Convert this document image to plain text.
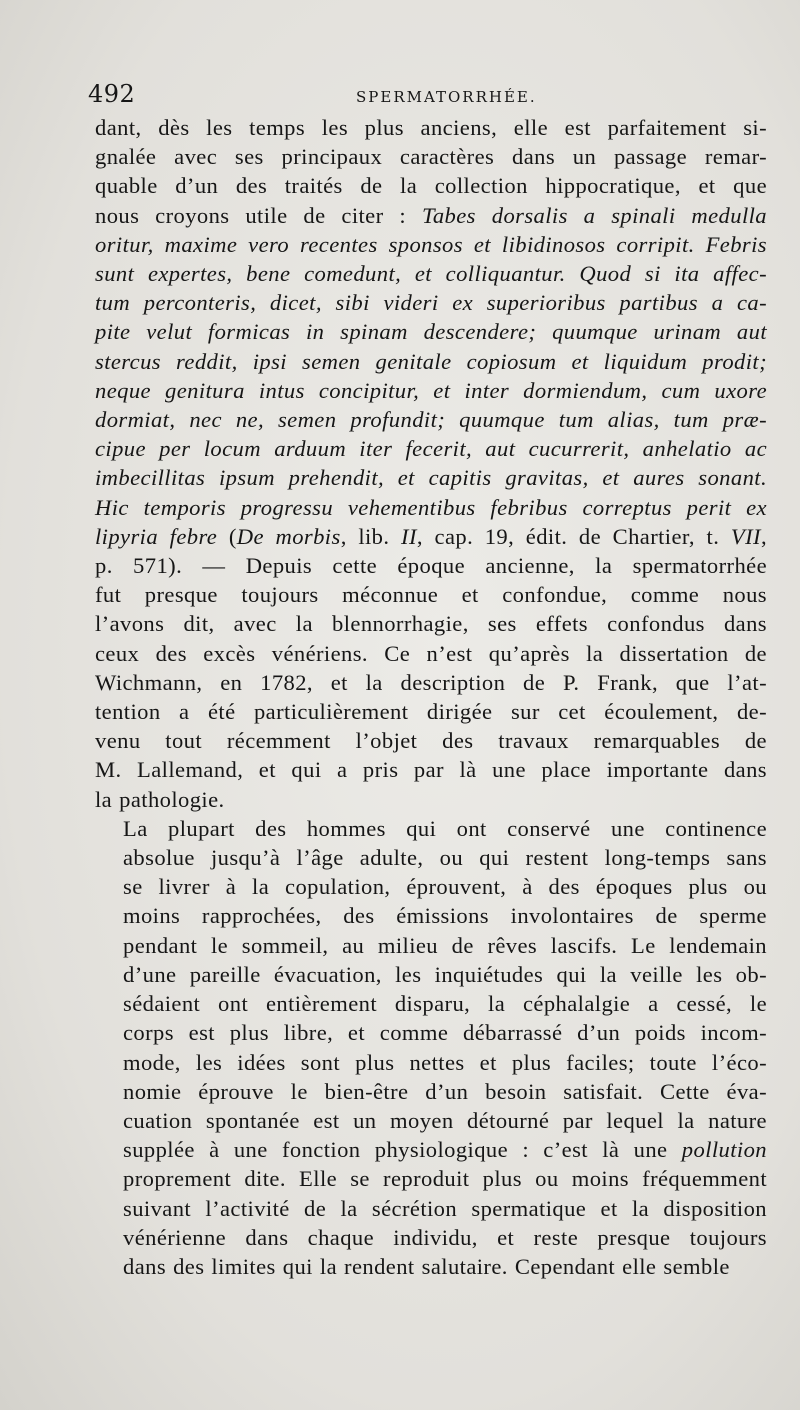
492	SPERMATORRHÉE.

dant, dès les temps les plus anciens, elle est parfaitement si-
gnalée avec ses principaux caractères dans un passage remar-
quable d’un des traités de la collection hippocratique, et que
nous croyons utile de citer : Tabes dorsalis a spinali medulla
oritur, maxime vero recentes sponsos et libidinosos corripit. Febris
sunt expertes, bene comedunt, et colliquantur. Quod si ita affec-
tum perconteris, dicet, sibi videri ex superioribus partibus a ca-
pite velut formicas in spinam descendere; quumque urinam aut
stercus reddit, ipsi semen genitale copiosum et liquidum prodit;
neque genitura intus concipitur, et inter dormiendum, cum uxore
dormiat, nec ne, semen profundit; quumque tum alias, tum præ-
cipue per locum arduum iter fecerit, aut cucurrerit, anhelatio ac
imbecillitas ipsum prehendit, et capitis gravitas, et aures sonant.
Hic temporis progressu vehementibus febribus correptus perit ex
lipyria febre (De morbis, lib. II, cap. 19, édit. de Chartier, t. VII,
p. 571). — Depuis cette époque ancienne, la spermatorrhée
fut presque toujours méconnue et confondue, comme nous
l’avons dit, avec la blennorrhagie, ses effets confondus dans
ceux des excès vénériens. Ce n’est qu’après la dissertation de
Wichmann, en 1782, et la description de P. Frank, que l’at-
tention a été particulièrement dirigée sur cet écoulement, de-
venu tout récemment l’objet des travaux remarquables de
M. Lallemand, et qui a pris par là une place importante dans
la pathologie.

La plupart des hommes qui ont conservé une continence
absolue jusqu’à l’âge adulte, ou qui restent long-temps sans
se livrer à la copulation, éprouvent, à des époques plus ou
moins rapprochées, des émissions involontaires de sperme
pendant le sommeil, au milieu de rêves lascifs. Le lendemain
d’une pareille évacuation, les inquiétudes qui la veille les ob-
sédaient ont entièrement disparu, la céphalalgie a cessé, le
corps est plus libre, et comme débarrassé d’un poids incom-
mode, les idées sont plus nettes et plus faciles; toute l’éco-
nomie éprouve le bien-être d’un besoin satisfait. Cette éva-
cuation spontanée est un moyen détourné par lequel la nature
supplée à une fonction physiologique : c’est là une pollution
proprement dite. Elle se reproduit plus ou moins fréquemment
suivant l’activité de la sécrétion spermatique et la disposition
vénérienne dans chaque individu, et reste presque toujours
dans des limites qui la rendent salutaire. Cependant elle semble
